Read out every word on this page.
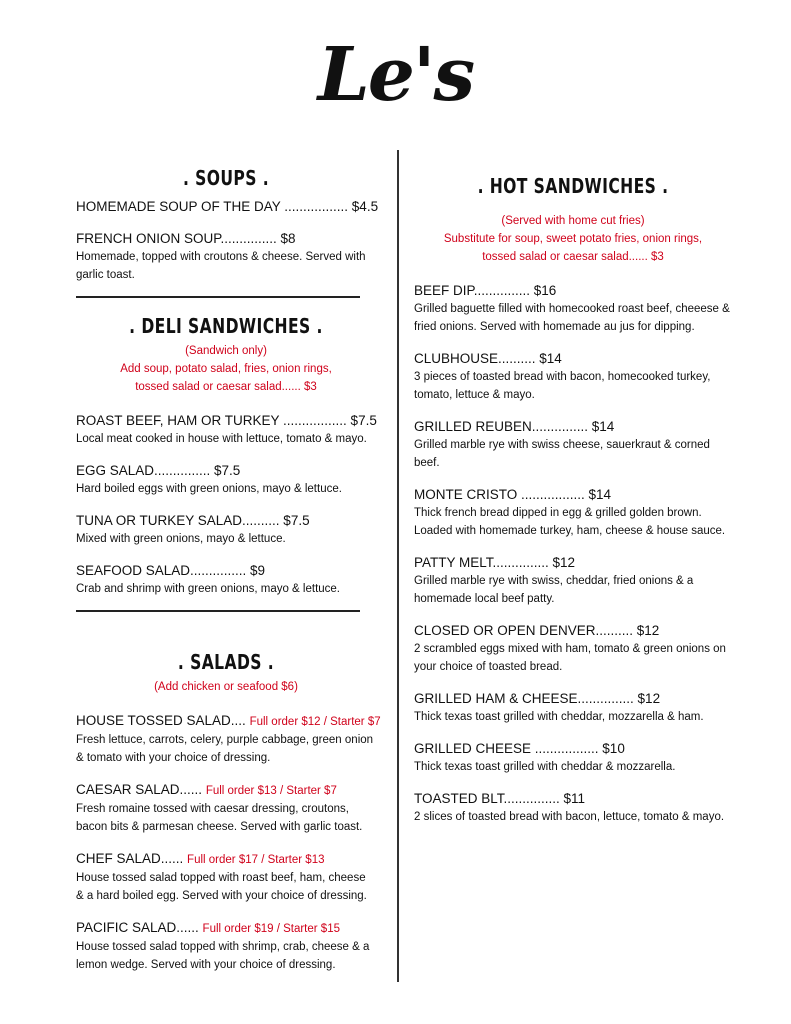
Le's
. SOUPS .
HOMEMADE SOUP OF THE DAY ................. $4.5
FRENCH ONION SOUP............... $8
Homemade, topped with croutons & cheese. Served with garlic toast.
. DELI SANDWICHES .
(Sandwich only)
Add soup, potato salad, fries, onion rings,
tossed salad or caesar salad...... $3
ROAST BEEF, HAM OR TURKEY ................. $7.5
Local meat cooked in house with lettuce, tomato & mayo.
EGG SALAD............... $7.5
Hard boiled eggs with green onions, mayo & lettuce.
TUNA OR TURKEY SALAD.......... $7.5
Mixed with green onions, mayo & lettuce.
SEAFOOD SALAD............... $9
Crab and shrimp with green onions, mayo & lettuce.
. SALADS .
(Add chicken or seafood $6)
HOUSE TOSSED SALAD.... Full order $12 / Starter $7
Fresh lettuce, carrots, celery, purple cabbage, green onion & tomato with your choice of dressing.
CAESAR SALAD...... Full order $13 / Starter $7
Fresh romaine tossed with caesar dressing, croutons, bacon bits & parmesan cheese. Served with garlic toast.
CHEF SALAD...... Full order $17 / Starter $13
House tossed salad topped with roast beef, ham, cheese & a hard boiled egg. Served with your choice of dressing.
PACIFIC SALAD...... Full order $19 / Starter $15
House tossed salad topped with shrimp, crab, cheese & a lemon wedge. Served with your choice of dressing.
. HOT SANDWICHES .
(Served with home cut fries)
Substitute for soup, sweet potato fries, onion rings,
tossed salad or caesar salad...... $3
BEEF DIP............... $16
Grilled baguette filled with homecooked roast beef, cheeese & fried onions. Served with homemade au jus for dipping.
CLUBHOUSE.......... $14
3 pieces of toasted bread with bacon, homecooked turkey, tomato, lettuce & mayo.
GRILLED REUBEN............... $14
Grilled marble rye with swiss cheese, sauerkraut & corned beef.
MONTE CRISTO ................. $14
Thick french bread dipped in egg & grilled golden brown. Loaded with homemade turkey, ham, cheese & house sauce.
PATTY MELT............... $12
Grilled marble rye with swiss, cheddar, fried onions & a homemade local beef patty.
CLOSED OR OPEN DENVER.......... $12
2 scrambled eggs mixed with ham, tomato & green onions on your choice of toasted bread.
GRILLED HAM & CHEESE............... $12
Thick texas toast grilled with cheddar, mozzarella & ham.
GRILLED CHEESE ................. $10
Thick texas toast grilled with cheddar & mozzarella.
TOASTED BLT............... $11
2 slices of toasted bread with bacon, lettuce, tomato & mayo.
